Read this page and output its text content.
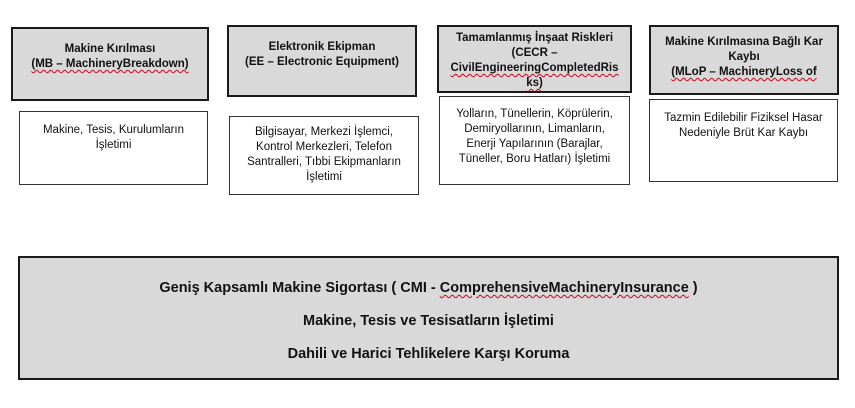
Makine Kırılması
(MB – MachineryBreakdown)
Makine, Tesis, Kurulumların
İşletimi
Elektronik Ekipman
(EE – Electronic Equipment)
Bilgisayar, Merkezi İşlemci,
Kontrol Merkezleri, Telefon
Santralleri, Tıbbi Ekipmanların
İşletimi
Tamamlanmış İnşaat Riskleri
(CECR –
CivilEngineeringCompletedRis
ks)
Yolların, Tünellerin, Köprülerin,
Demiryollarının, Limanların,
Enerji Yapılarının (Barajlar,
Tüneller, Boru Hatları) İşletimi
Makine Kırılmasına Bağlı Kar
Kaybı
(MLoP – MachineryLoss of
Tazmin Edilebilir Fiziksel Hasar
Nedeniyle Brüt Kar Kaybı
Geniş Kapsamlı Makine Sigortası ( CMI - ComprehensiveMachineryInsurance )
Makine, Tesis ve Tesisatların İşletimi
Dahili ve Harici Tehlikelere Karşı Koruma
